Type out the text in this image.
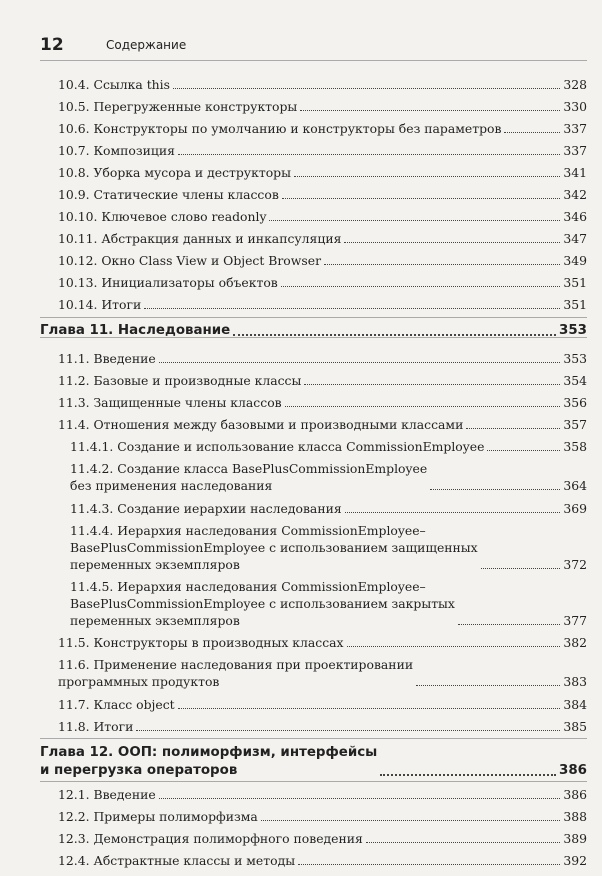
12	Содержание
10.4. Ссылка this	328
10.5. Перегруженные конструкторы	330
10.6. Конструкторы по умолчанию и конструкторы без параметров	337
10.7. Композиция	337
10.8. Уборка мусора и деструкторы	341
10.9. Статические члены классов	342
10.10. Ключевое слово readonly	346
10.11. Абстракция данных и инкапсуляция	347
10.12. Окно Class View и Object Browser	349
10.13. Инициализаторы объектов	351
10.14. Итоги	351
Глава 11. Наследование	353
11.1. Введение	353
11.2. Базовые и производные классы	354
11.3. Защищенные члены классов	356
11.4. Отношения между базовыми и производными классами	357
11.4.1. Создание и использование класса CommissionEmployee	358
11.4.2. Создание класса BasePlusCommissionEmployee
без применения наследования	364
11.4.3. Создание иерархии наследования	369
11.4.4. Иерархия наследования CommissionEmployee–
BasePlusCommissionEmployee с использованием защищенных
переменных экземпляров	372
11.4.5. Иерархия наследования CommissionEmployee–
BasePlusCommissionEmployee с использованием закрытых
переменных экземпляров	377
11.5. Конструкторы в производных классах	382
11.6. Применение наследования при проектировании
программных продуктов	383
11.7. Класс object	384
11.8. Итоги	385
Глава 12. ООП: полиморфизм, интерфейсы
и перегрузка операторов	386
12.1. Введение	386
12.2. Примеры полиморфизма	388
12.3. Демонстрация полиморфного поведения	389
12.4. Абстрактные классы и методы	392
